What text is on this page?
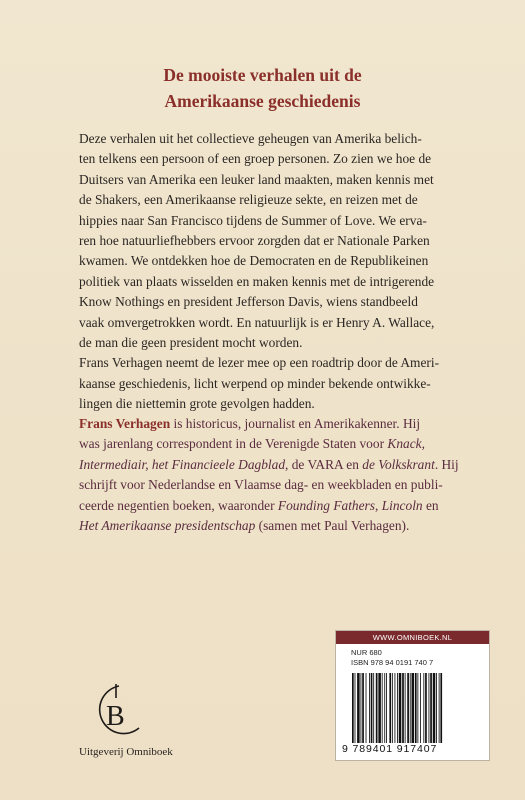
De mooiste verhalen uit de
Amerikaanse geschiedenis
Deze verhalen uit het collectieve geheugen van Amerika belich-
ten telkens een persoon of een groep personen. Zo zien we hoe de
Duitsers van Amerika een leuker land maakten, maken kennis met
de Shakers, een Amerikaanse religieuze sekte, en reizen met de
hippies naar San Francisco tijdens de Summer of Love. We erva-
ren hoe natuurliefhebbers ervoor zorgden dat er Nationale Parken
kwamen. We ontdekken hoe de Democraten en de Republikeinen
politiek van plaats wisselden en maken kennis met de intrigerende
Know Nothings en president Jefferson Davis, wiens standbeeld
vaak omvergetrokken wordt. En natuurlijk is er Henry A. Wallace,
de man die geen president mocht worden.
Frans Verhagen neemt de lezer mee op een roadtrip door de Ameri-
kaanse geschiedenis, licht werpend op minder bekende ontwikke-
lingen die niettemin grote gevolgen hadden.
Frans Verhagen is historicus, journalist en Amerikakenner. Hij
was jarenlang correspondent in de Verenigde Staten voor Knack,
Intermediair, het Financieele Dagblad, de VARA en de Volkskrant. Hij
schrijft voor Nederlandse en Vlaamse dag- en weekbladen en publi-
ceerde negentien boeken, waaronder Founding Fathers, Lincoln en
Het Amerikaanse presidentschap (samen met Paul Verhagen).
B
Uitgeverij Omniboek
WWW.OMNIBOEK.NL
NUR 680
ISBN 978 94 0191 740 7
9 789401 917407
